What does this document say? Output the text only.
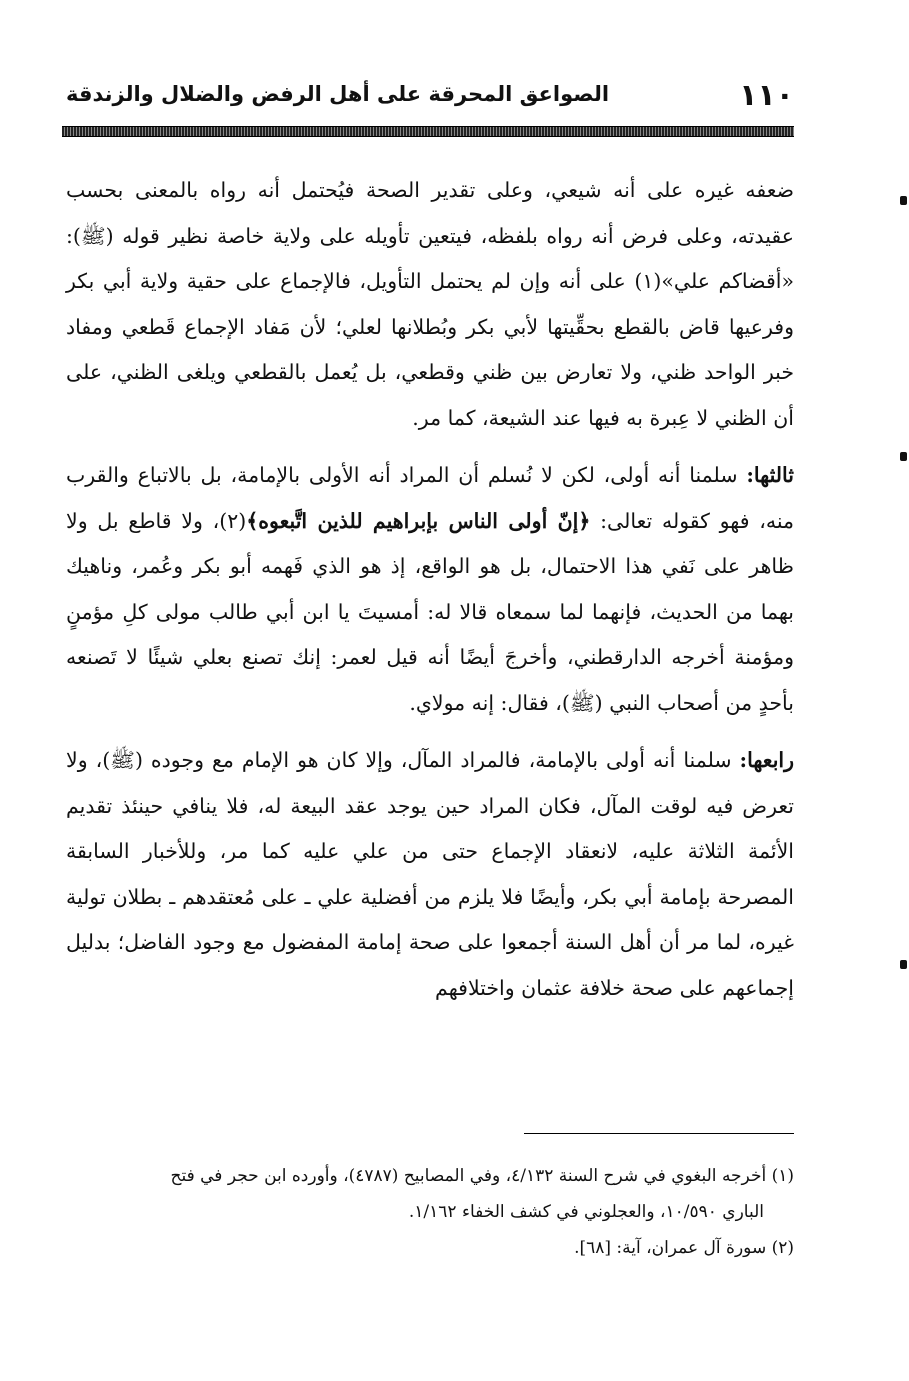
١١٠
الصواعق المحرقة على أهل الرفض والضلال والزندقة

ضعفه غيره على أنه شيعي، وعلى تقدير الصحة فيُحتمل أنه رواه بالمعنى بحسب عقيدته، وعلى فرض أنه رواه بلفظه، فيتعين تأويله على ولاية خاصة نظير قوله (ﷺ): «أقضاكم علي»(١) على أنه وإن لم يحتمل التأويل، فالإجماع على حقية ولاية أبي بكر وفرعيها قاض بالقطع بحقِّيتها لأبي بكر وبُطلانها لعلي؛ لأن مَفاد الإجماع قَطعي ومفاد خبر الواحد ظني، ولا تعارض بين ظني وقطعي، بل يُعمل بالقطعي ويلغى الظني، على أن الظني لا عِبرة به فيها عند الشيعة، كما مر.

ثالثها: سلمنا أنه أولى، لكن لا نُسلم أن المراد أنه الأولى بالإمامة، بل بالاتباع والقرب منه، فهو كقوله تعالى: ﴿إنّ أولى الناس بإبراهيم للذين اتَّبعوه﴾(٢)، ولا قاطع بل ولا ظاهر على نَفي هذا الاحتمال، بل هو الواقع، إذ هو الذي فَهمه أبو بكر وعُمر، وناهيك بهما من الحديث، فإنهما لما سمعاه قالا له: أمسيتَ يا ابن أبي طالب مولى كلِ مؤمنٍ ومؤمنة أخرجه الدارقطني، وأخرجَ أيضًا أنه قيل لعمر: إنك تصنع بعلي شيئًا لا تَصنعه بأحدٍ من أصحاب النبي (ﷺ)، فقال: إنه مولاي.

رابعها: سلمنا أنه أولى بالإمامة، فالمراد المآل، وإلا كان هو الإمام مع وجوده (ﷺ)، ولا تعرض فيه لوقت المآل، فكان المراد حين يوجد عقد البيعة له، فلا ينافي حينئذ تقديم الأئمة الثلاثة عليه، لانعقاد الإجماع حتى من علي عليه كما مر، وللأخبار السابقة المصرحة بإمامة أبي بكر، وأيضًا فلا يلزم من أفضلية علي ـ على مُعتقدهم ـ بطلان تولية غيره، لما مر أن أهل السنة أجمعوا على صحة إمامة المفضول مع وجود الفاضل؛ بدليل إجماعهم على صحة خلافة عثمان واختلافهم

(١) أخرجه البغوي في شرح السنة ٤/١٣٢، وفي المصابيح (٤٧٨٧)، وأورده ابن حجر في فتح

الباري ١٠/٥٩٠، والعجلوني في كشف الخفاء ١/١٦٢.

(٢) سورة آل عمران، آية: [٦٨].
